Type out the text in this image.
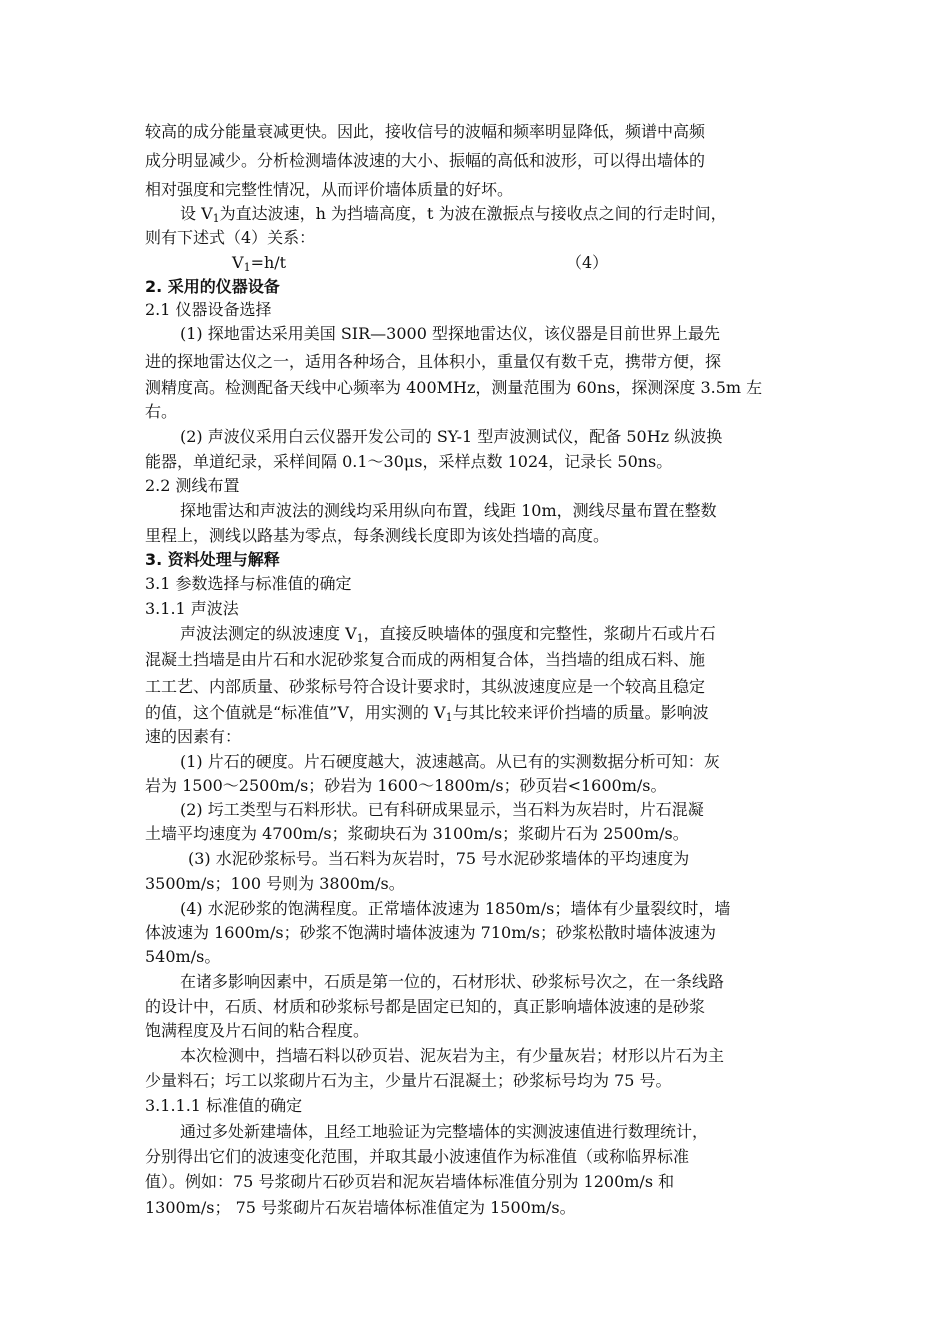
较高的成分能量衰减更快。因此，接收信号的波幅和频率明显降低，频谱中高频

成分明显减少。分析检测墙体波速的大小、振幅的高低和波形，可以得出墙体的

相对强度和完整性情况，从而评价墙体质量的好坏。

设 $V_1$为直达波速，h 为挡墙高度，t 为波在激振点与接收点之间的行走时间，

则有下述式（4）关系：

$V_1=h/t$	（4）

2. 采用的仪器设备

2.1 仪器设备选择

(1) 探地雷达采用美国 SIR—3000 型探地雷达仪，该仪器是目前世界上最先

进的探地雷达仪之一，适用各种场合，且体积小，重量仅有数千克，携带方便，探

测精度高。检测配备天线中心频率为 400MHz，测量范围为 60ns，探测深度 3.5m 左

右。

(2) 声波仪采用白云仪器开发公司的 SY-1 型声波测试仪，配备 50Hz 纵波换

能器，单道纪录，采样间隔 0.1～30μs，采样点数 1024，记录长 50ns。

2.2 测线布置

探地雷达和声波法的测线均采用纵向布置，线距 10m，测线尽量布置在整数

里程上，测线以路基为零点，每条测线长度即为该处挡墙的高度。

3. 资料处理与解释

3.1 参数选择与标准值的确定

3.1.1 声波法

声波法测定的纵波速度 $V_1$，直接反映墙体的强度和完整性，浆砌片石或片石

混凝土挡墙是由片石和水泥砂浆复合而成的两相复合体，当挡墙的组成石料、施

工工艺、内部质量、砂浆标号符合设计要求时，其纵波速度应是一个较高且稳定

的值，这个值就是“标准值”V，用实测的 $V_1$与其比较来评价挡墙的质量。影响波

速的因素有：

(1) 片石的硬度。片石硬度越大，波速越高。从已有的实测数据分析可知：灰

岩为 1500～2500m/s；砂岩为 1600～1800m/s；砂页岩<1600m/s。

(2) 圬工类型与石料形状。已有科研成果显示，当石料为灰岩时，片石混凝

土墙平均速度为 4700m/s；浆砌块石为 3100m/s；浆砌片石为 2500m/s。

(3) 水泥砂浆标号。当石料为灰岩时，75 号水泥砂浆墙体的平均速度为

3500m/s；100 号则为 3800m/s。

(4) 水泥砂浆的饱满程度。正常墙体波速为 1850m/s；墙体有少量裂纹时，墙

体波速为 1600m/s；砂浆不饱满时墙体波速为 710m/s；砂浆松散时墙体波速为

540m/s。

在诸多影响因素中，石质是第一位的，石材形状、砂浆标号次之，在一条线路

的设计中，石质、材质和砂浆标号都是固定已知的，真正影响墙体波速的是砂浆

饱满程度及片石间的粘合程度。

本次检测中，挡墙石料以砂页岩、泥灰岩为主，有少量灰岩；材形以片石为主

少量料石；圬工以浆砌片石为主，少量片石混凝土；砂浆标号均为 75 号。

3.1.1.1 标准值的确定

通过多处新建墙体，且经工地验证为完整墙体的实测波速值进行数理统计，

分别得出它们的波速变化范围，并取其最小波速值作为标准值（或称临界标准

值）。例如：75 号浆砌片石砂页岩和泥灰岩墙体标准值分别为 1200m/s 和

1300m/s； 75 号浆砌片石灰岩墙体标准值定为 1500m/s。
